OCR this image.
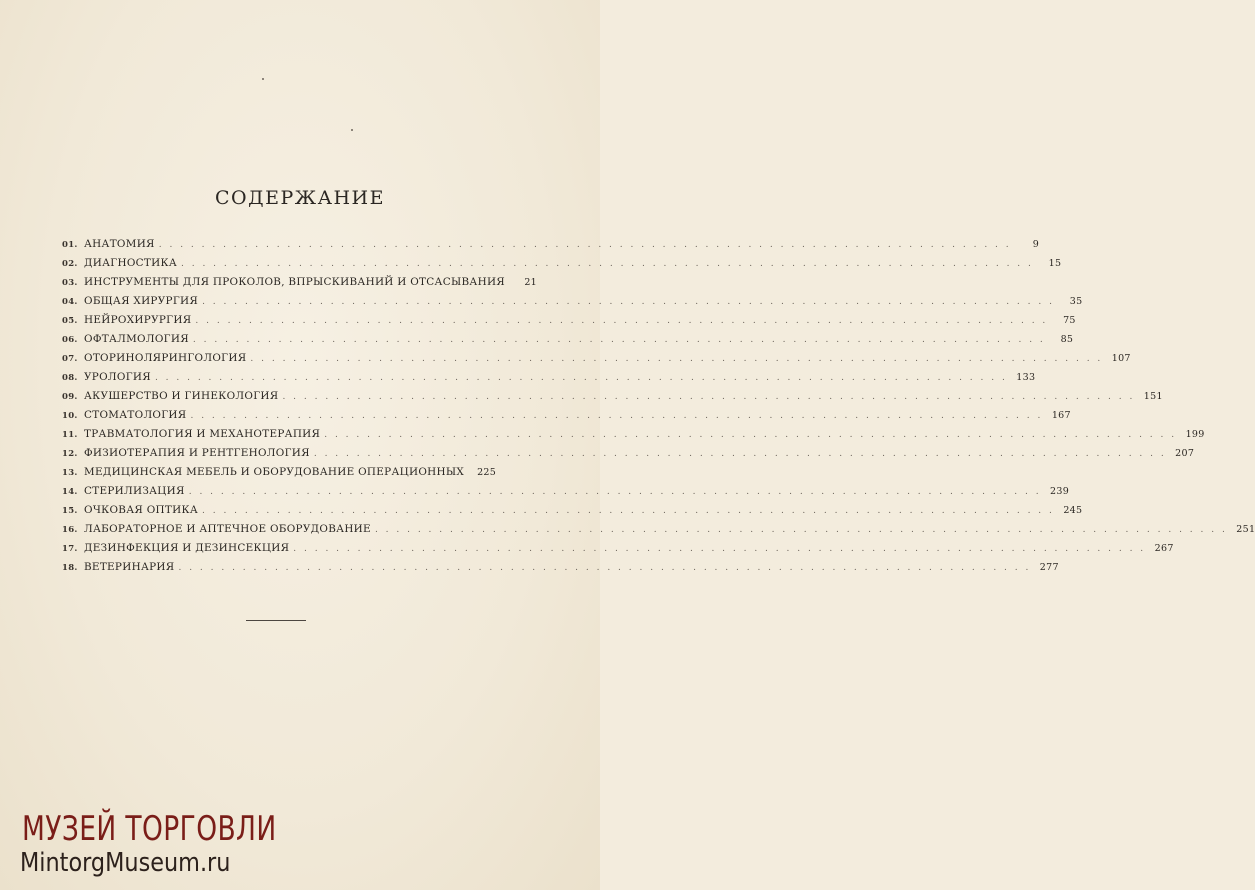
СОДЕРЖАНИЕ
01. АНАТОМИЯ . . . . . . . . . . . . . . . . . . . . . . . . . . . . . . . . . . . . . . . . . . . . . . . . . . . . . . . . . . . . . . . . . . . . . . . . . . . . . . . .	9
02. ДИАГНОСТИКА . . . . . . . . . . . . . . . . . . . . . . . . . . . . . . . . . . . . . . . . . . . . . . . . . . . . . . . . . . . . . . . . . . . . . . . . . . . . . . . .	15
03. ИНСТРУМЕНТЫ ДЛЯ ПРОКОЛОВ, ВПРЫСКИВАНИЙ И ОТСАСЫВАНИЯ	21
04. ОБЩАЯ ХИРУРГИЯ . . . . . . . . . . . . . . . . . . . . . . . . . . . . . . . . . . . . . . . . . . . . . . . . . . . . . . . . . . . . . . . . . . . . . . . . . . . . . . . .	35
05. НЕЙРОХИРУРГИЯ . . . . . . . . . . . . . . . . . . . . . . . . . . . . . . . . . . . . . . . . . . . . . . . . . . . . . . . . . . . . . . . . . . . . . . . . . . . . . . . .	75
06. ОФТАЛМОЛОГИЯ . . . . . . . . . . . . . . . . . . . . . . . . . . . . . . . . . . . . . . . . . . . . . . . . . . . . . . . . . . . . . . . . . . . . . . . . . . . . . . . .	85
07. ОТОРИНОЛЯРИНГОЛОГИЯ . . . . . . . . . . . . . . . . . . . . . . . . . . . . . . . . . . . . . . . . . . . . . . . . . . . . . . . . . . . . . . . . . . . . . . . . . . . . . . . . 107
08. УРОЛОГИЯ . . . . . . . . . . . . . . . . . . . . . . . . . . . . . . . . . . . . . . . . . . . . . . . . . . . . . . . . . . . . . . . . . . . . . . . . . . . . . . . . 133
09. АКУШЕРСТВО И ГИНЕКОЛОГИЯ . . . . . . . . . . . . . . . . . . . . . . . . . . . . . . . . . . . . . . . . . . . . . . . . . . . . . . . . . . . . . . . . . . . . . . . . . . . . . . . . 151
10. СТОМАТОЛОГИЯ . . . . . . . . . . . . . . . . . . . . . . . . . . . . . . . . . . . . . . . . . . . . . . . . . . . . . . . . . . . . . . . . . . . . . . . . . . . . . . . . 167
11. ТРАВМАТОЛОГИЯ И МЕХАНОТЕРАПИЯ . . . . . . . . . . . . . . . . . . . . . . . . . . . . . . . . . . . . . . . . . . . . . . . . . . . . . . . . . . . . . . . . . . . . . . . . . . . . . . . . 199
12. ФИЗИОТЕРАПИЯ И РЕНТГЕНОЛОГИЯ . . . . . . . . . . . . . . . . . . . . . . . . . . . . . . . . . . . . . . . . . . . . . . . . . . . . . . . . . . . . . . . . . . . . . . . . . . . . . . . . 207
13. МЕДИЦИНСКАЯ МЕБЕЛЬ И ОБОРУДОВАНИЕ ОПЕРАЦИОННЫХ	225
14. СТЕРИЛИЗАЦИЯ . . . . . . . . . . . . . . . . . . . . . . . . . . . . . . . . . . . . . . . . . . . . . . . . . . . . . . . . . . . . . . . . . . . . . . . . . . . . . . . . 239
15. ОЧКОВАЯ ОПТИКА . . . . . . . . . . . . . . . . . . . . . . . . . . . . . . . . . . . . . . . . . . . . . . . . . . . . . . . . . . . . . . . . . . . . . . . . . . . . . . . . 245
16. ЛАБОРАТОРНОЕ И АПТЕЧНОЕ ОБОРУДОВАНИЕ . . . . . . . . . . . . . . . . . . . . . . . . . . . . . . . . . . . . . . . . . . . . . . . . . . . . . . . . . . . . . . . . . . . . . . . . . . . . . . . . 251
17. ДЕЗИНФЕКЦИЯ И ДЕЗИНСЕКЦИЯ . . . . . . . . . . . . . . . . . . . . . . . . . . . . . . . . . . . . . . . . . . . . . . . . . . . . . . . . . . . . . . . . . . . . . . . . . . . . . . . . 267
18. ВЕТЕРИНАРИЯ . . . . . . . . . . . . . . . . . . . . . . . . . . . . . . . . . . . . . . . . . . . . . . . . . . . . . . . . . . . . . . . . . . . . . . . . . . . . . . . . 277
МУЗЕЙ ТОРГОВЛИ
MintorgMuseum.ru
